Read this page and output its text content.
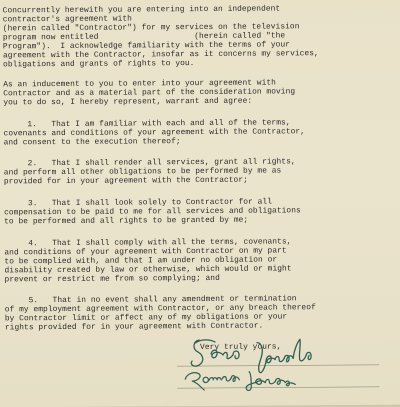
Concurrently herewith you are entering into an independent
contractor's agreement with
(herein called "Contractor") for my services on the television
program now entitled                    (herein called "the
Program").  I acknowledge familiarity with the terms of your
agreement with the Contractor, insofar as it concerns my services,
obligations and grants of rights to you.
As an inducement to you to enter into your agreement with
Contractor and as a material part of the consideration moving
you to do so, I hereby represent, warrant and agree:
1.   That I am familiar with each and all of the terms,
covenants and conditions of your agreement with the Contractor,
and consent to the execution thereof;
2.   That I shall render all services, grant all rights,
and perform all other obligations to be performed by me as
provided for in your agreement with the Contractor;
3.   That I shall look solely to Contractor for all
compensation to be paid to me for all services and obligations
to be performed and all rights to be granted by me;
4.   That I shall comply with all the terms, covenants,
and conditions of your agreement with Contractor on my part
to be complied with, and that I am under no obligation or
disability created by law or otherwise, which would or might
prevent or restrict me from so complying; and
5.   That in no event shall any amendment or termination
of my employment agreement with Contractor, or any breach thereof
by Contractor limit or affect any of my obligations or your
rights provided for in your agreement with Contractor.
Very truly yours,
